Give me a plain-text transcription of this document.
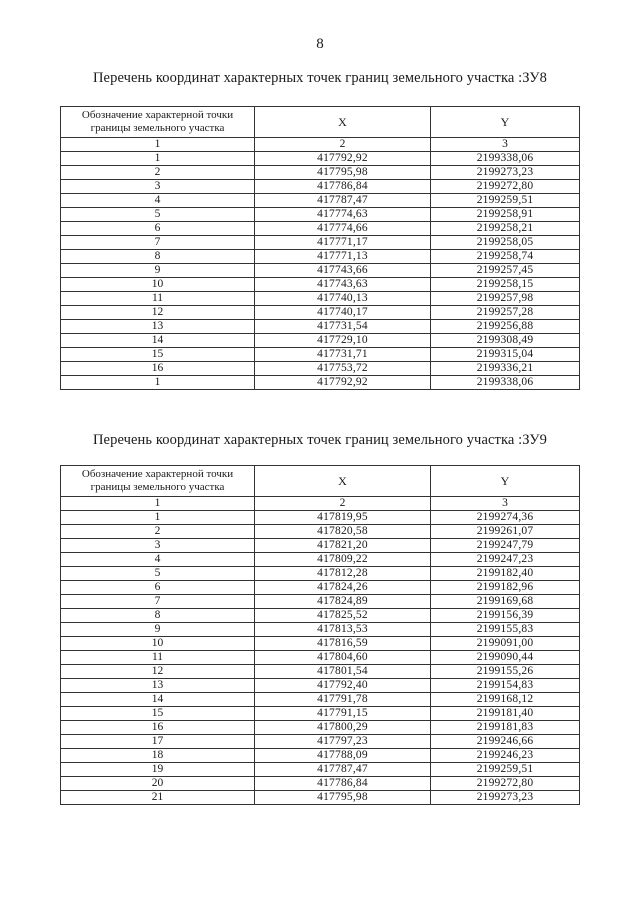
8
Перечень координат характерных точек границ земельного участка :ЗУ8
Обозначение характерной точки границы земельного участка	X	Y
1	2	3
1	417792,92	2199338,06
2	417795,98	2199273,23
3	417786,84	2199272,80
4	417787,47	2199259,51
5	417774,63	2199258,91
6	417774,66	2199258,21
7	417771,17	2199258,05
8	417771,13	2199258,74
9	417743,66	2199257,45
10	417743,63	2199258,15
11	417740,13	2199257,98
12	417740,17	2199257,28
13	417731,54	2199256,88
14	417729,10	2199308,49
15	417731,71	2199315,04
16	417753,72	2199336,21
1	417792,92	2199338,06
Перечень координат характерных точек границ земельного участка :ЗУ9
Обозначение характерной точки границы земельного участка	X	Y
1	2	3
1	417819,95	2199274,36
2	417820,58	2199261,07
3	417821,20	2199247,79
4	417809,22	2199247,23
5	417812,28	2199182,40
6	417824,26	2199182,96
7	417824,89	2199169,68
8	417825,52	2199156,39
9	417813,53	2199155,83
10	417816,59	2199091,00
11	417804,60	2199090,44
12	417801,54	2199155,26
13	417792,40	2199154,83
14	417791,78	2199168,12
15	417791,15	2199181,40
16	417800,29	2199181,83
17	417797,23	2199246,66
18	417788,09	2199246,23
19	417787,47	2199259,51
20	417786,84	2199272,80
21	417795,98	2199273,23
